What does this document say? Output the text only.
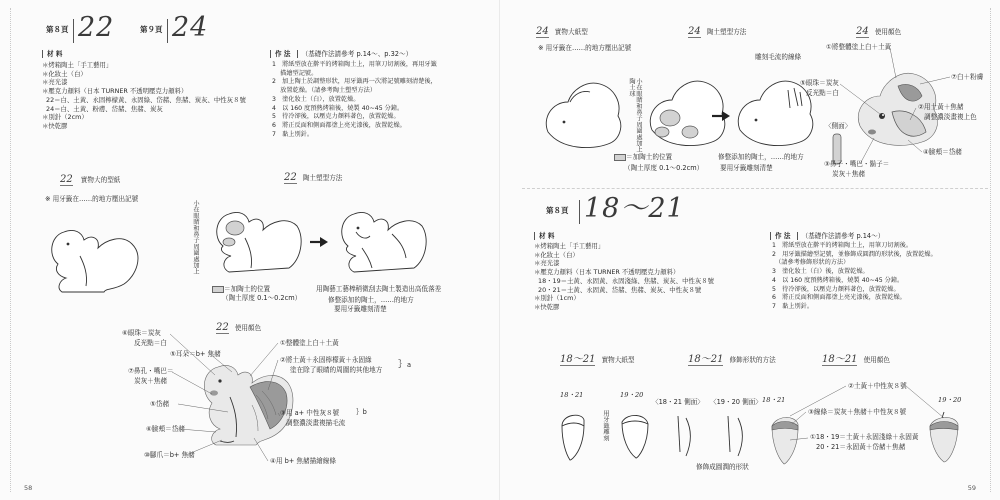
第８頁 22	第９頁 24
材 料
＊烤箱陶土「手工藝用」
＊化妝土（白）
＊亮光漆
＊壓克力顏料（日本 TURNER 不透明壓克力顏料）
22＝白、土黃、永固檸檬黃、永固綠、岱赭、焦赭、炭灰、中性灰８號
24＝白、土黃、粉膚、岱赭、焦赭、炭灰
＊別針（2cm）
＊快乾膠
作 法 （基礎作法請參考 p.14～、p.32～）
1　將紙型放在擀平的烤箱陶土上，用筆刀切割後，再用牙籤
　 描繪型記號。
2　加上陶土於調整形狀，用牙籤再一次將記號雕刻清楚後，
　 放置乾燥。（請參考陶土塑型方法）
3　塗化妝土（白），放置乾燥。
4　以 160 度預熱烤箱後，燒製 40~45 分鐘。
5　待冷卻後，以壓克力顏料著色，放置乾燥。
6　將正反面和側面都塗上亮光漆後，放置乾燥。
7　黏上別針。
22 實物大的型紙
※ 用牙籤在……的地方壓出記號
22 陶土塑型方法
小在眼睛和鼻子周圍處加上
＝加陶土的位置
（陶土厚度 0.1～0.2cm）
用陶藝工藝棒稍微刮去陶土製造出高低落差
修整添加的陶土，……的地方
要用牙籤雕刻清楚
22 使用顏色
⑥眼珠＝炭灰
反光點＝白
⑤耳朵＝b+ 焦赭
⑦鼻孔・嘴巴＝
炭灰＋焦赭
⑤岱赭
⑥臉頰＝岱赭
⑩腳爪＝b+ 焦赭
①整體塗上白＋土黃
②將土黃＋永固檸檬黃＋永固綠
塗在除了眼睛的周圍的其他地方 ｝a
③用 a+ 中性灰８號	｝b
調整濃淡畫複描毛流
④用 b+ 焦赭描繪線條
58
24 實物大紙型
※ 用牙籤在……的地方壓出記號
24 陶土塑型方法
雕刻毛流的線條
小在眼睛和鼻子周圍處加上陶土球
＝加陶土的位置
（陶土厚度 0.1～0.2cm）
修整添加的陶土，……的地方
要用牙籤雕刻清楚
24 使用顏色
〈側面〉
①將整體塗上白＋土黃
⑦白＋粉膚
⑤眼珠＝炭灰
反光點＝白
②用土黃＋焦赭
調整濃淡畫複上色
④臉頰＝岱赭
③鼻子・嘴巴・鬍子＝
炭灰＋焦赭
第８頁 18～21
材 料
＊烤箱陶土「手工藝用」
＊化妝土（白）
＊亮光漆
＊壓克力顏料（日本 TURNER 不透明壓克力顏料）
18・19＝土黃、永固黃、永固淺綠、焦赭、炭灰、中性灰８號
20・21＝土黃、永固黃、岱赭、焦赭、炭灰、中性灰８號
＊別針（1cm）
＊快乾膠
作 法 （基礎作法請參考 p.14～）
1　將紙型放在擀平的烤箱陶土上，用筆刀切割後。
2　用牙籤描繪型記號，並修飾成圓潤的形狀後，放置乾燥。
　（請參考修飾形狀的方法）
3　塗化妝土（白）後，放置乾燥。
4　以 160 度預熱烤箱後，燒製 40~45 分鐘。
5　待冷卻後，以壓克力顏料著色，放置乾燥。
6　將正反面和側面都塗上亮光漆後，放置乾燥。
7　黏上別針。
18～21 實物大紙型
18・21	19・20
18～21 修飾形狀的方法
用牙籤雕刻
〈18・21 側面〉 〈19・20 側面〉
修飾成圓潤的形狀
18～21 使用顏色
18・21	19・20
②土黃＋中性灰８號
③線條＝炭灰＋焦赭＋中性灰８號
①18・19＝土黃＋永固淺綠＋永固黃
20・21＝永固黃＋岱赭＋焦赭
59
